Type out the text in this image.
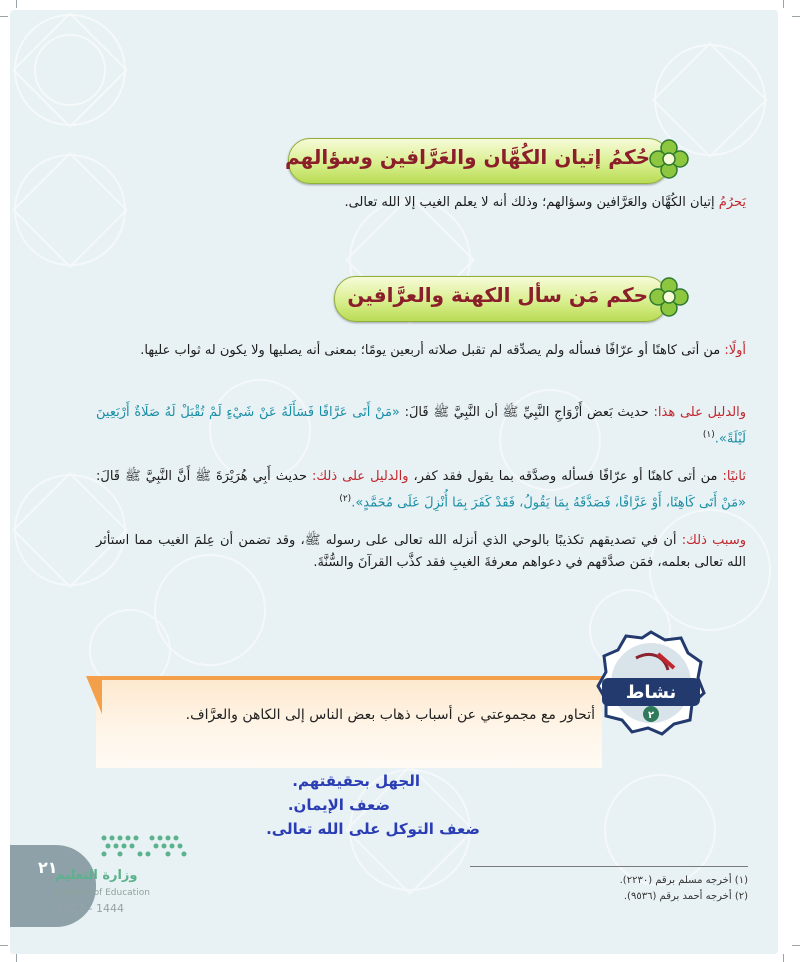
حُكمُ إتيان الكُهَّان والعَرَّافين وسؤالهم
يَحرُمُ إتيان الكُهَّان والعَرَّافين وسؤالهم؛ وذلك أنه لا يعلم الغيب إلا الله تعالى.
حكم مَن سأل الكهنة والعرَّافين
أولًا: من أتى كاهنًا أو عرّافًا فسأله ولم يصدِّقه لم تقبل صلاته أربعين يومًا؛ بمعنى أنه يصليها ولا يكون له ثواب عليها.
والدليل على هذا: حديث بَعض أَزْوَاجِ النَّبِيِّ ﷺ أن النَّبِيَّ ﷺ قَالَ: «مَنْ أَتَى عَرَّافًا فَسَأَلَهُ عَنْ شَيْءٍ لَمْ تُقْبَلْ لَهُ صَلَاةٌ أَرْبَعِينَ لَيْلَةً».$^{(١)}$
ثانيًا: من أتى كاهنًا أو عرّافًا فسأله وصدَّقه بما يقول فقد كفر، والدليل على ذلك: حديث أَبِي هُرَيْرَةَ ﷺ أَنَّ النَّبِيَّ ﷺ قَالَ: «مَنْ أَتَى كَاهِنًا، أَوْ عَرَّافًا، فَصَدَّقَهُ بِمَا يَقُولُ، فَقَدْ كَفَرَ بِمَا أُنْزِلَ عَلَى مُحَمَّدٍ».$^{(٢)}$
وسبب ذلك: أن في تصديقهم تكذيبًا بالوحي الذي أنزله الله تعالى على رسوله ﷺ، وقد تضمن أن عِلمَ الغيب مما استأثر الله تعالى بعلمه، فمَن صدَّقهم في دعواهم معرفةَ الغيبِ فقد كذَّب القرآنَ والسُّنَّةَ.
أتحاور مع مجموعتي عن أسباب ذهاب بعض الناس إلى الكاهن والعرَّاف.
نشاط
٢
الجهل بحقيقتهم.
ضعف الإيمان.
ضعف التوكل على الله تعالى.
(١) أخرجه مسلم برقم (٢٢٣٠).
(٢) أخرجه أحمد برقم (٩٥٣٦).
٢١
وزارة التعليم
Ministry of Education
2022 - 1444
